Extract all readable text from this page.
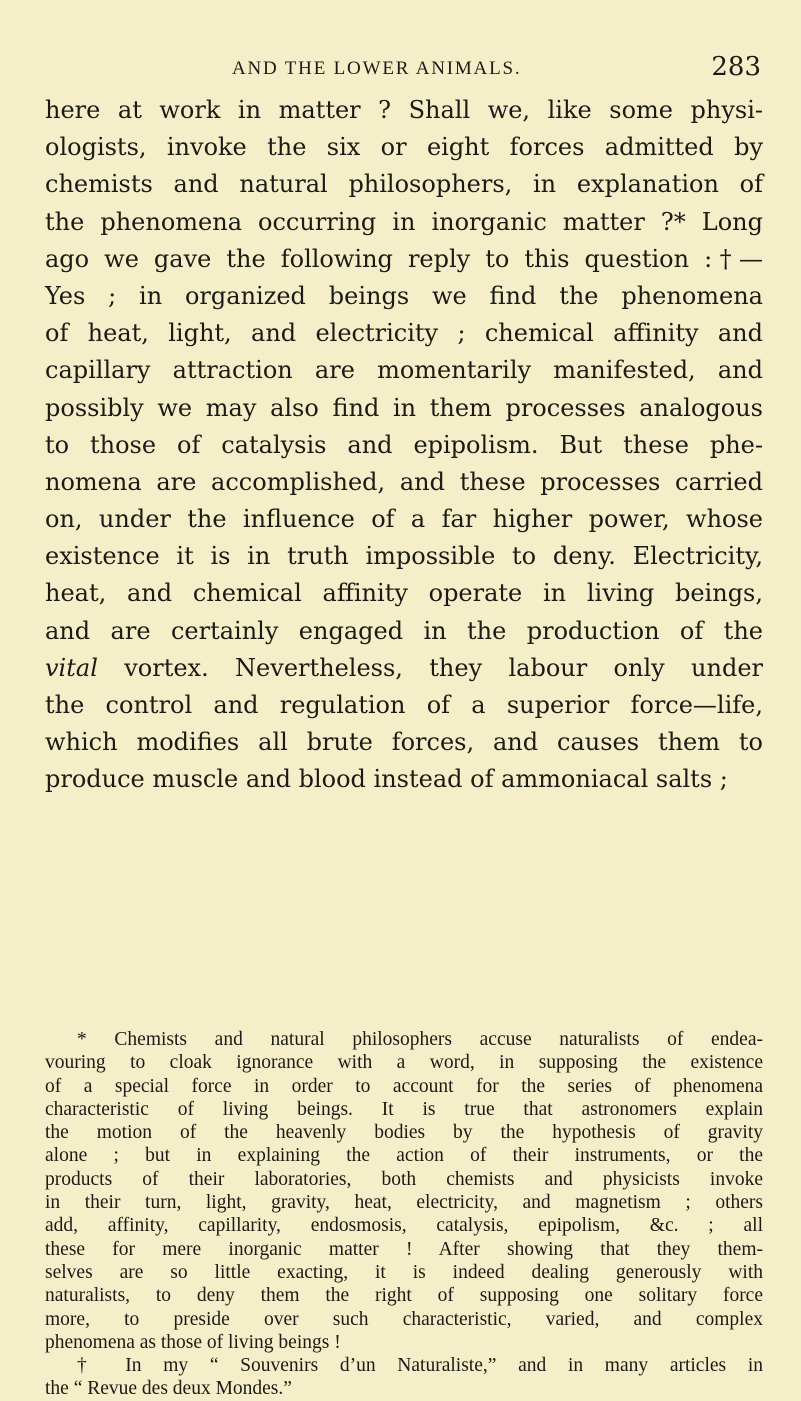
AND THE LOWER ANIMALS.	283
here at work in matter ? Shall we, like some physi-
ologists, invoke the six or eight forces admitted by
chemists and natural philosophers, in explanation of
the phenomena occurring in inorganic matter ?* Long
ago we gave the following reply to this question :†—
Yes ; in organized beings we find the phenomena
of heat, light, and electricity ; chemical affinity and
capillary attraction are momentarily manifested, and
possibly we may also find in them processes analogous
to those of catalysis and epipolism. But these phe-
nomena are accomplished, and these processes carried
on, under the influence of a far higher power, whose
existence it is in truth impossible to deny. Electricity,
heat, and chemical affinity operate in living beings,
and are certainly engaged in the production of the
vital vortex. Nevertheless, they labour only under
the control and regulation of a superior force—life,
which modifies all brute forces, and causes them to
produce muscle and blood instead of ammoniacal salts ;
* Chemists and natural philosophers accuse naturalists of endea-
vouring to cloak ignorance with a word, in supposing the existence
of a special force in order to account for the series of phenomena
characteristic of living beings. It is true that astronomers explain
the motion of the heavenly bodies by the hypothesis of gravity
alone ; but in explaining the action of their instruments, or the
products of their laboratories, both chemists and physicists invoke
in their turn, light, gravity, heat, electricity, and magnetism ; others
add, affinity, capillarity, endosmosis, catalysis, epipolism, &c. ; all
these for mere inorganic matter ! After showing that they them-
selves are so little exacting, it is indeed dealing generously with
naturalists, to deny them the right of supposing one solitary force
more, to preside over such characteristic, varied, and complex
phenomena as those of living beings !
† In my “ Souvenirs d’un Naturaliste,” and in many articles in
the “ Revue des deux Mondes.”
